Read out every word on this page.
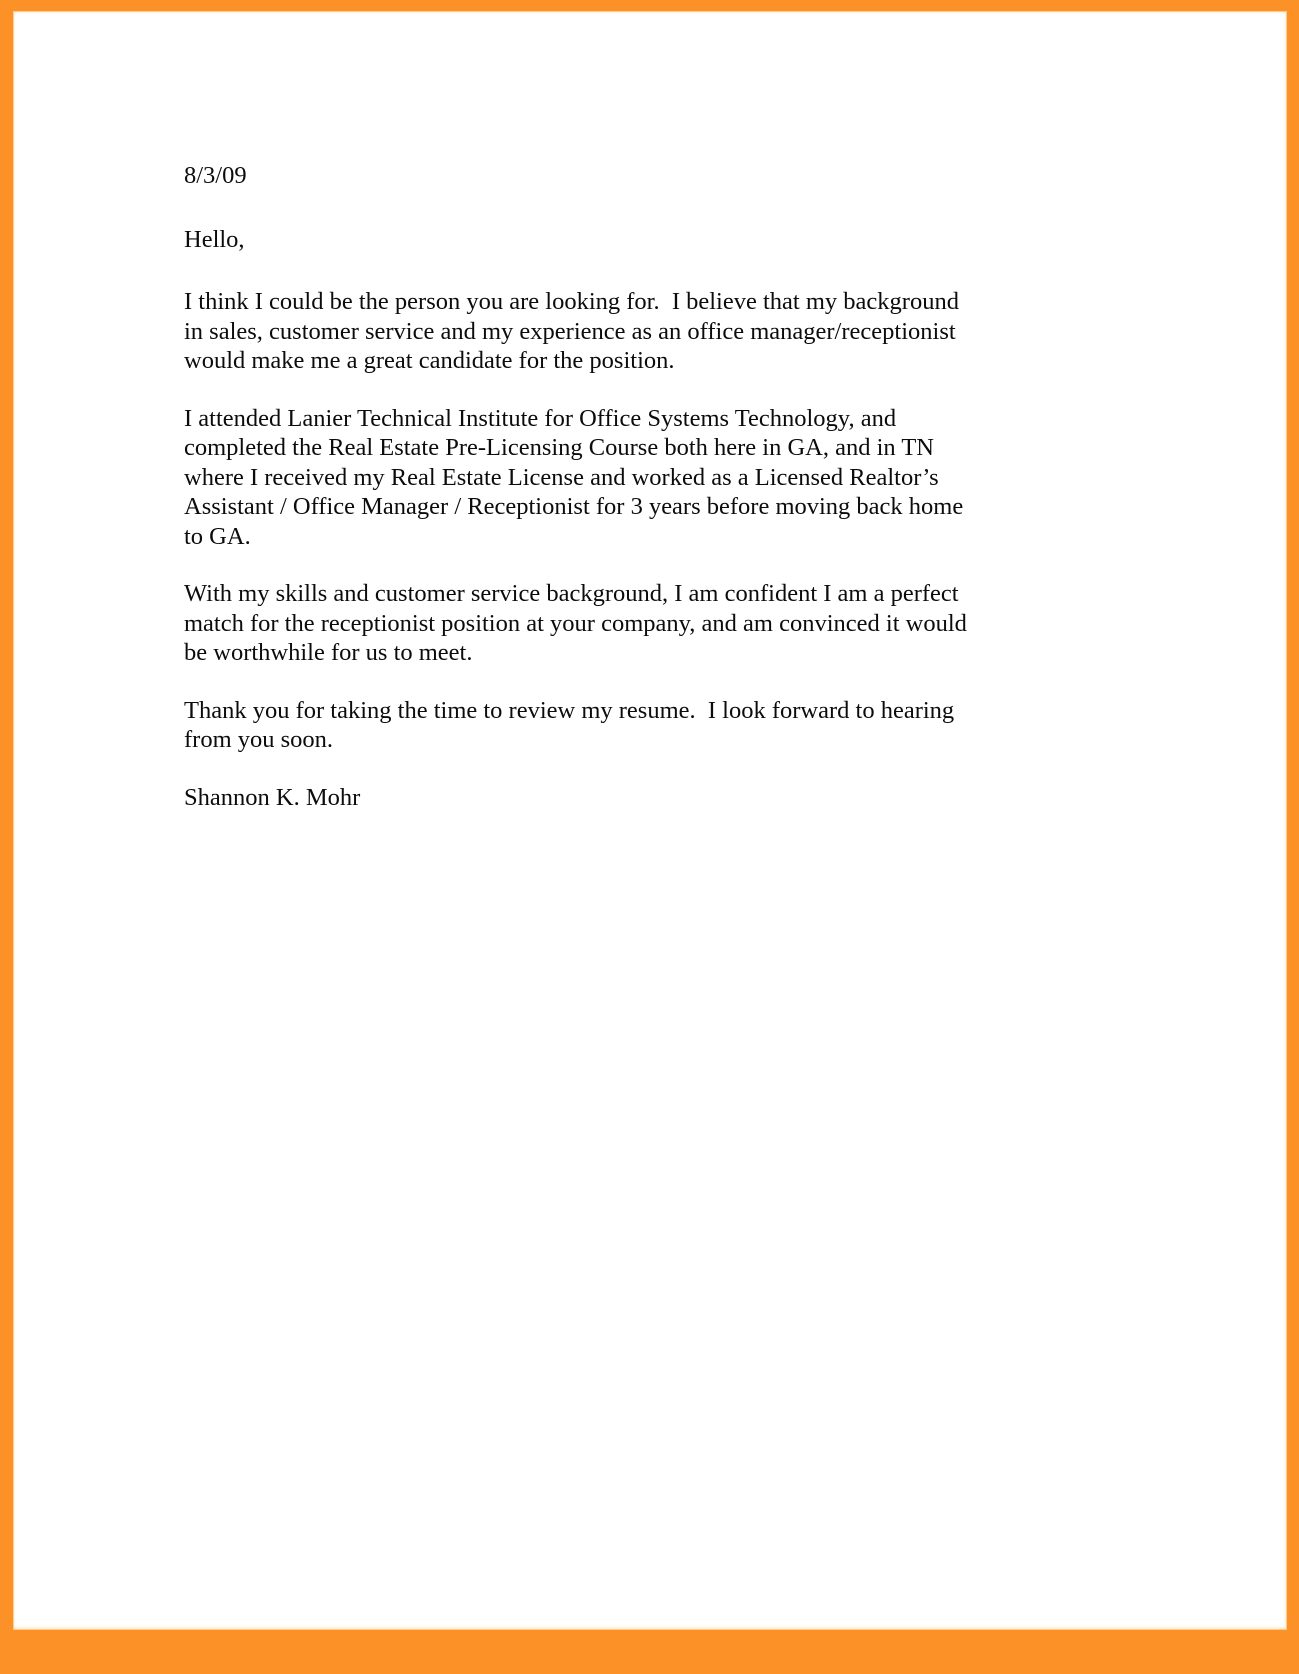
8/3/09
Hello,

I think I could be the person you are looking for.  I believe that my background
in sales, customer service and my experience as an office manager/receptionist
would make me a great candidate for the position.

I attended Lanier Technical Institute for Office Systems Technology, and
completed the Real Estate Pre-Licensing Course both here in GA, and in TN
where I received my Real Estate License and worked as a Licensed Realtor’s
Assistant / Office Manager / Receptionist for 3 years before moving back home
to GA.

With my skills and customer service background, I am confident I am a perfect
match for the receptionist position at your company, and am convinced it would
be worthwhile for us to meet.

Thank you for taking the time to review my resume.  I look forward to hearing
from you soon.

Shannon K. Mohr
